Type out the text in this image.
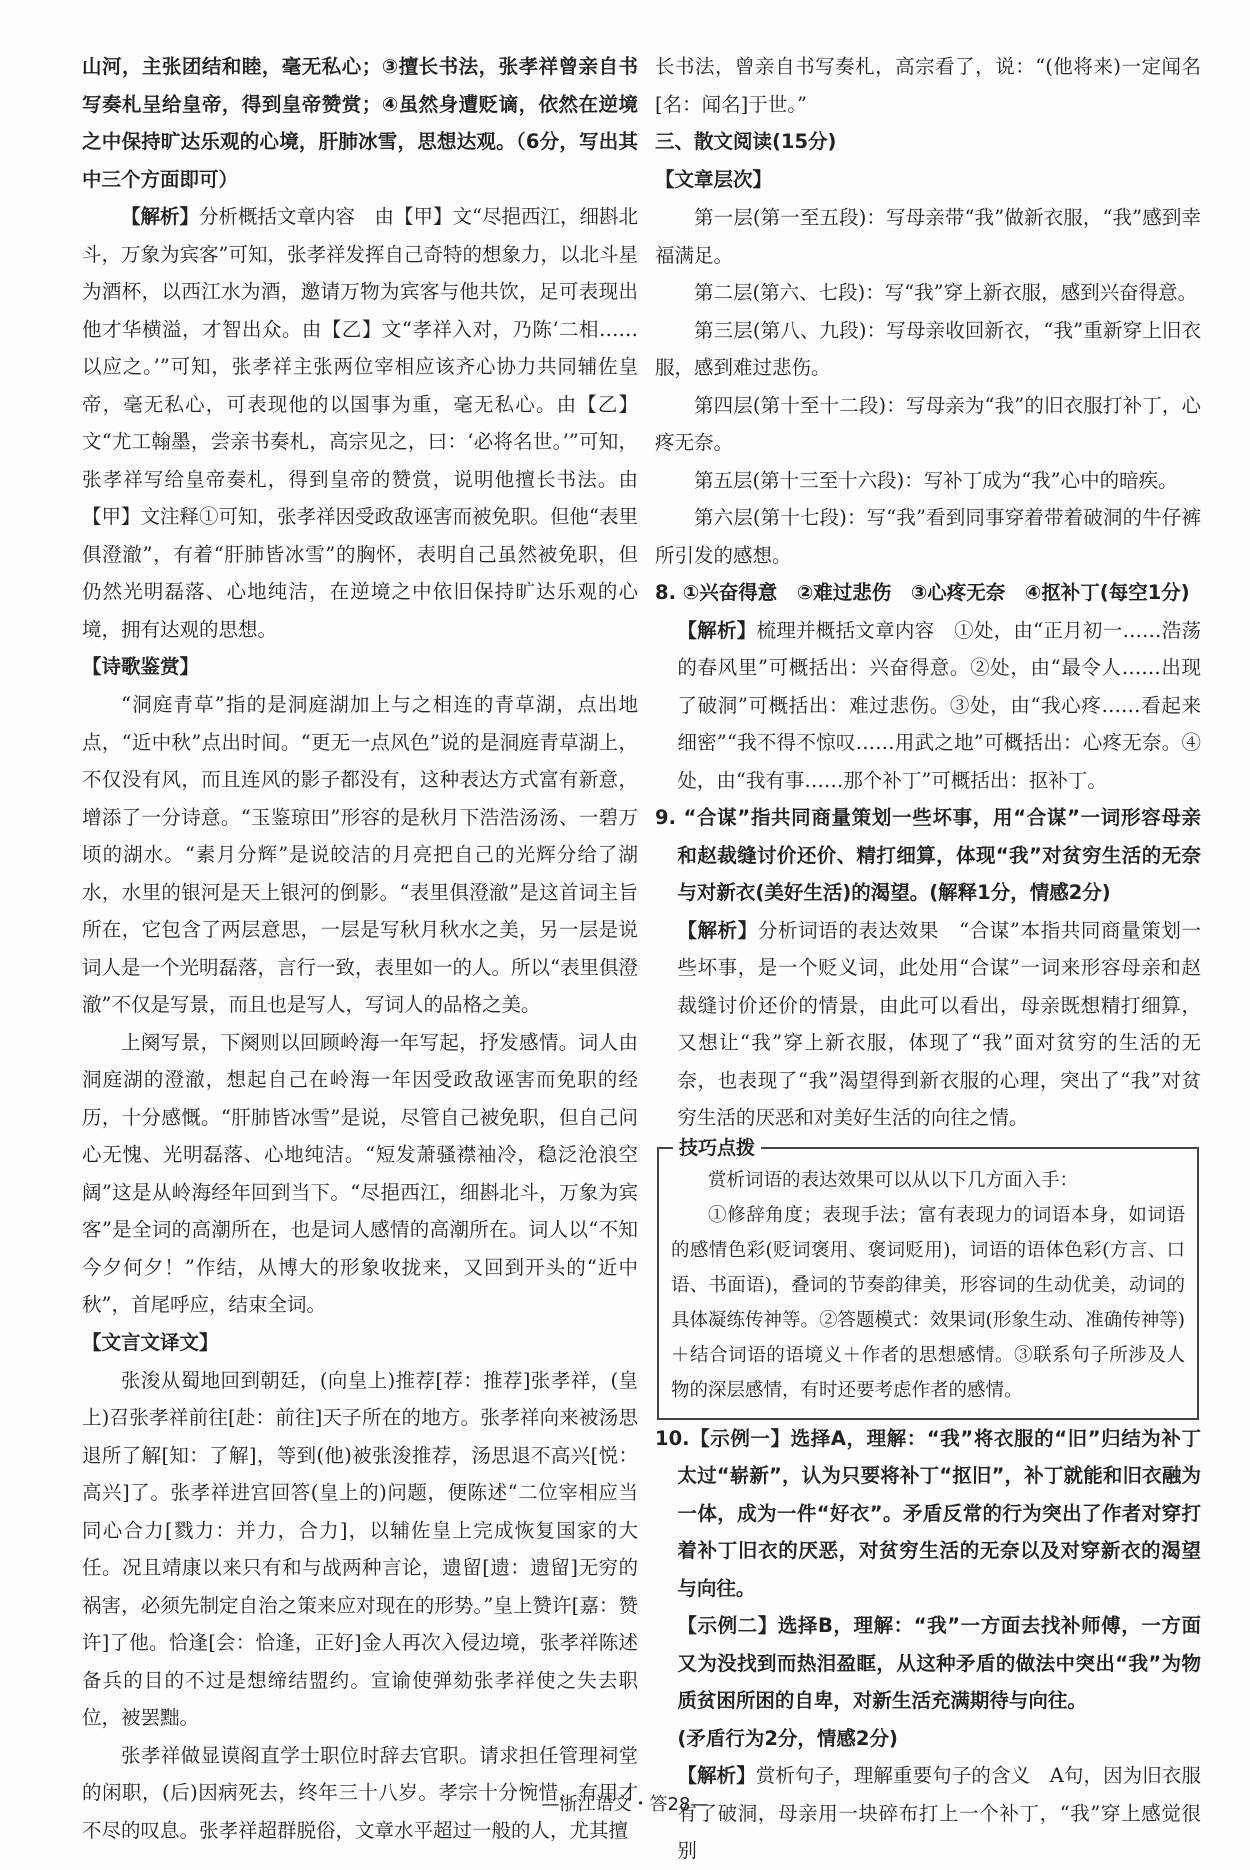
山河，主张团结和睦，毫无私心；③擅长书法，张孝祥曾亲自书写奏札呈给皇帝，得到皇帝赞赏；④虽然身遭贬谪，依然在逆境之中保持旷达乐观的心境，肝肺冰雪，思想达观。（6分，写出其中三个方面即可）

【解析】分析概括文章内容　由【甲】文“尽挹西江，细斟北斗，万象为宾客”可知，张孝祥发挥自己奇特的想象力，以北斗星为酒杯，以西江水为酒，邀请万物为宾客与他共饮，足可表现出他才华横溢，才智出众。由【乙】文“孝祥入对，乃陈‘二相……以应之。’”可知，张孝祥主张两位宰相应该齐心协力共同辅佐皇帝，毫无私心，可表现他的以国事为重，毫无私心。由【乙】文“尤工翰墨，尝亲书奏札，高宗见之，曰：‘必将名世。’”可知，张孝祥写给皇帝奏札，得到皇帝的赞赏，说明他擅长书法。由【甲】文注释①可知，张孝祥因受政敌诬害而被免职。但他“表里俱澄澈”，有着“肝肺皆冰雪”的胸怀，表明自己虽然被免职，但仍然光明磊落、心地纯洁，在逆境之中依旧保持旷达乐观的心境，拥有达观的思想。

【诗歌鉴赏】

“洞庭青草”指的是洞庭湖加上与之相连的青草湖，点出地点，“近中秋”点出时间。“更无一点风色”说的是洞庭青草湖上，不仅没有风，而且连风的影子都没有，这种表达方式富有新意，增添了一分诗意。“玉鉴琼田”形容的是秋月下浩浩汤汤、一碧万顷的湖水。“素月分辉”是说皎洁的月亮把自己的光辉分给了湖水，水里的银河是天上银河的倒影。“表里俱澄澈”是这首词主旨所在，它包含了两层意思，一层是写秋月秋水之美，另一层是说词人是一个光明磊落，言行一致，表里如一的人。所以“表里俱澄澈”不仅是写景，而且也是写人，写词人的品格之美。

上阕写景，下阕则以回顾岭海一年写起，抒发感情。词人由洞庭湖的澄澈，想起自己在岭海一年因受政敌诬害而免职的经历，十分感慨。“肝肺皆冰雪”是说，尽管自己被免职，但自己问心无愧、光明磊落、心地纯洁。“短发萧骚襟袖冷，稳泛沧浪空阔”这是从岭海经年回到当下。“尽挹西江，细斟北斗，万象为宾客”是全词的高潮所在，也是词人感情的高潮所在。词人以“不知今夕何夕！”作结，从博大的形象收拢来，又回到开头的“近中秋”，首尾呼应，结束全词。

【文言文译文】

张浚从蜀地回到朝廷，(向皇上)推荐[荐：推荐]张孝祥，(皇上)召张孝祥前往[赴：前往]天子所在的地方。张孝祥向来被汤思退所了解[知：了解]，等到(他)被张浚推荐，汤思退不高兴[悦：高兴]了。张孝祥进宫回答(皇上的)问题，便陈述“二位宰相应当同心合力[戮力：并力，合力]，以辅佐皇上完成恢复国家的大任。况且靖康以来只有和与战两种言论，遗留[遗：遗留]无穷的祸害，必须先制定自治之策来应对现在的形势。”皇上赞许[嘉：赞许]了他。恰逢[会：恰逢，正好]金人再次入侵边境，张孝祥陈述备兵的目的不过是想缔结盟约。宣谕使弹劾张孝祥使之失去职位，被罢黜。

张孝祥做显谟阁直学士职位时辞去官职。请求担任管理祠堂的闲职，(后)因病死去，终年三十八岁。孝宗十分惋惜，有用才不尽的叹息。张孝祥超群脱俗，文章水平超过一般的人，尤其擅

长书法，曾亲自书写奏札，高宗看了，说：“(他将来)一定闻名[名：闻名]于世。”

三、散文阅读(15分)

【文章层次】

第一层(第一至五段)：写母亲带“我”做新衣服，“我”感到幸福满足。

第二层(第六、七段)：写“我”穿上新衣服，感到兴奋得意。

第三层(第八、九段)：写母亲收回新衣，“我”重新穿上旧衣服，感到难过悲伤。

第四层(第十至十二段)：写母亲为“我”的旧衣服打补丁，心疼无奈。

第五层(第十三至十六段)：写补丁成为“我”心中的暗疾。

第六层(第十七段)：写“我”看到同事穿着带着破洞的牛仔裤所引发的感想。

8. ①兴奋得意　②难过悲伤　③心疼无奈　④抠补丁(每空1分)

【解析】梳理并概括文章内容　①处，由“正月初一……浩荡的春风里”可概括出：兴奋得意。②处，由“最令人……出现了破洞”可概括出：难过悲伤。③处，由“我心疼……看起来细密”“我不得不惊叹……用武之地”可概括出：心疼无奈。④处，由“我有事……那个补丁”可概括出：抠补丁。

9. “合谋”指共同商量策划一些坏事，用“合谋”一词形容母亲和赵裁缝讨价还价、精打细算，体现“我”对贫穷生活的无奈与对新衣(美好生活)的渴望。(解释1分，情感2分)

【解析】分析词语的表达效果　“合谋”本指共同商量策划一些坏事，是一个贬义词，此处用“合谋”一词来形容母亲和赵裁缝讨价还价的情景，由此可以看出，母亲既想精打细算，又想让“我”穿上新衣服，体现了“我”面对贫穷的生活的无奈，也表现了“我”渴望得到新衣服的心理，突出了“我”对贫穷生活的厌恶和对美好生活的向往之情。

技巧点拨

赏析词语的表达效果可以从以下几方面入手：

①修辞角度；表现手法；富有表现力的词语本身，如词语的感情色彩(贬词褒用、褒词贬用)，词语的语体色彩(方言、口语、书面语)，叠词的节奏韵律美，形容词的生动优美，动词的具体凝练传神等。②答题模式：效果词(形象生动、准确传神等)＋结合词语的语境义＋作者的思想感情。③联系句子所涉及人物的深层感情，有时还要考虑作者的感情。

10.【示例一】选择A，理解：“我”将衣服的“旧”归结为补丁太过“崭新”，认为只要将补丁“抠旧”，补丁就能和旧衣融为一体，成为一件“好衣”。矛盾反常的行为突出了作者对穿打着补丁旧衣的厌恶，对贫穷生活的无奈以及对穿新衣的渴望与向往。

【示例二】选择B，理解：“我”一方面去找补师傅，一方面又为没找到而热泪盈眶，从这种矛盾的做法中突出“我”为物质贫困所困的自卑，对新生活充满期待与向往。

(矛盾行为2分，情感2分)

【解析】赏析句子，理解重要句子的含义　A句，因为旧衣服有了破洞，母亲用一块碎布打上一个补丁，“我”穿上感觉很别

—浙江语文・答28—
